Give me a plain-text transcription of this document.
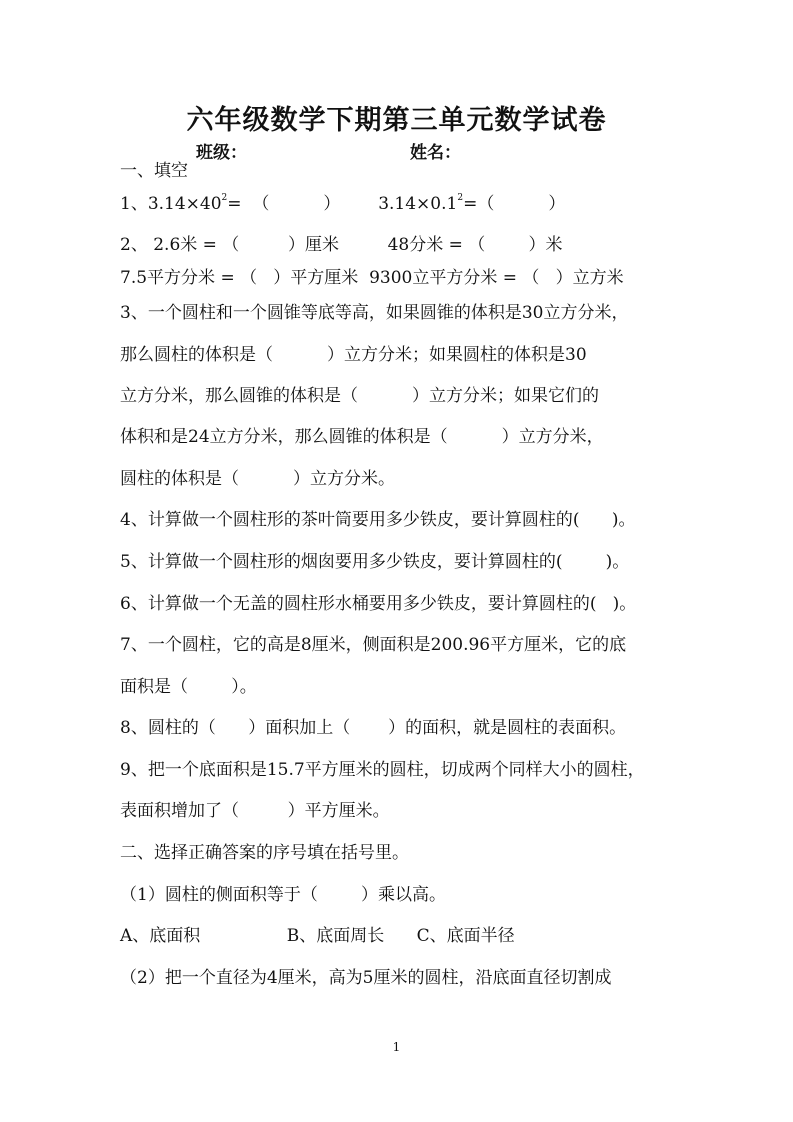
六年级数学下期第三单元数学试卷
班级：	姓名：
一、填空
1、$3.14\times 40^2=$  （          ）       $3.14\times 0.1^2=$（          ）
2、 2.6米 = （         ）厘米         48分米 = （        ）米
7.5平方分米 = （   ）平方厘米  9300立平方分米 = （   ）立方米
3、一个圆柱和一个圆锥等底等高，如果圆锥的体积是30立方分米，
那么圆柱的体积是（          ）立方分米；如果圆柱的体积是30
立方分米，那么圆锥的体积是（          ）立方分米；如果它们的
体积和是24立方分米，那么圆锥的体积是（          ）立方分米，
圆柱的体积是（          ）立方分米。
4、计算做一个圆柱形的茶叶筒要用多少铁皮，要计算圆柱的(      )。
5、计算做一个圆柱形的烟囱要用多少铁皮，要计算圆柱的(        )。
6、计算做一个无盖的圆柱形水桶要用多少铁皮，要计算圆柱的(   )。
7、一个圆柱，它的高是8厘米，侧面积是200.96平方厘米，它的底
面积是（        ）。
8、圆柱的（      ）面积加上（       ）的面积，就是圆柱的表面积。
9、把一个底面积是15.7平方厘米的圆柱，切成两个同样大小的圆柱，
表面积增加了（         ）平方厘米。
二、选择正确答案的序号填在括号里。
（1）圆柱的侧面积等于（        ）乘以高。
A、底面积                B、底面周长      C、底面半径
（2）把一个直径为4厘米，高为5厘米的圆柱，沿底面直径切割成
1
